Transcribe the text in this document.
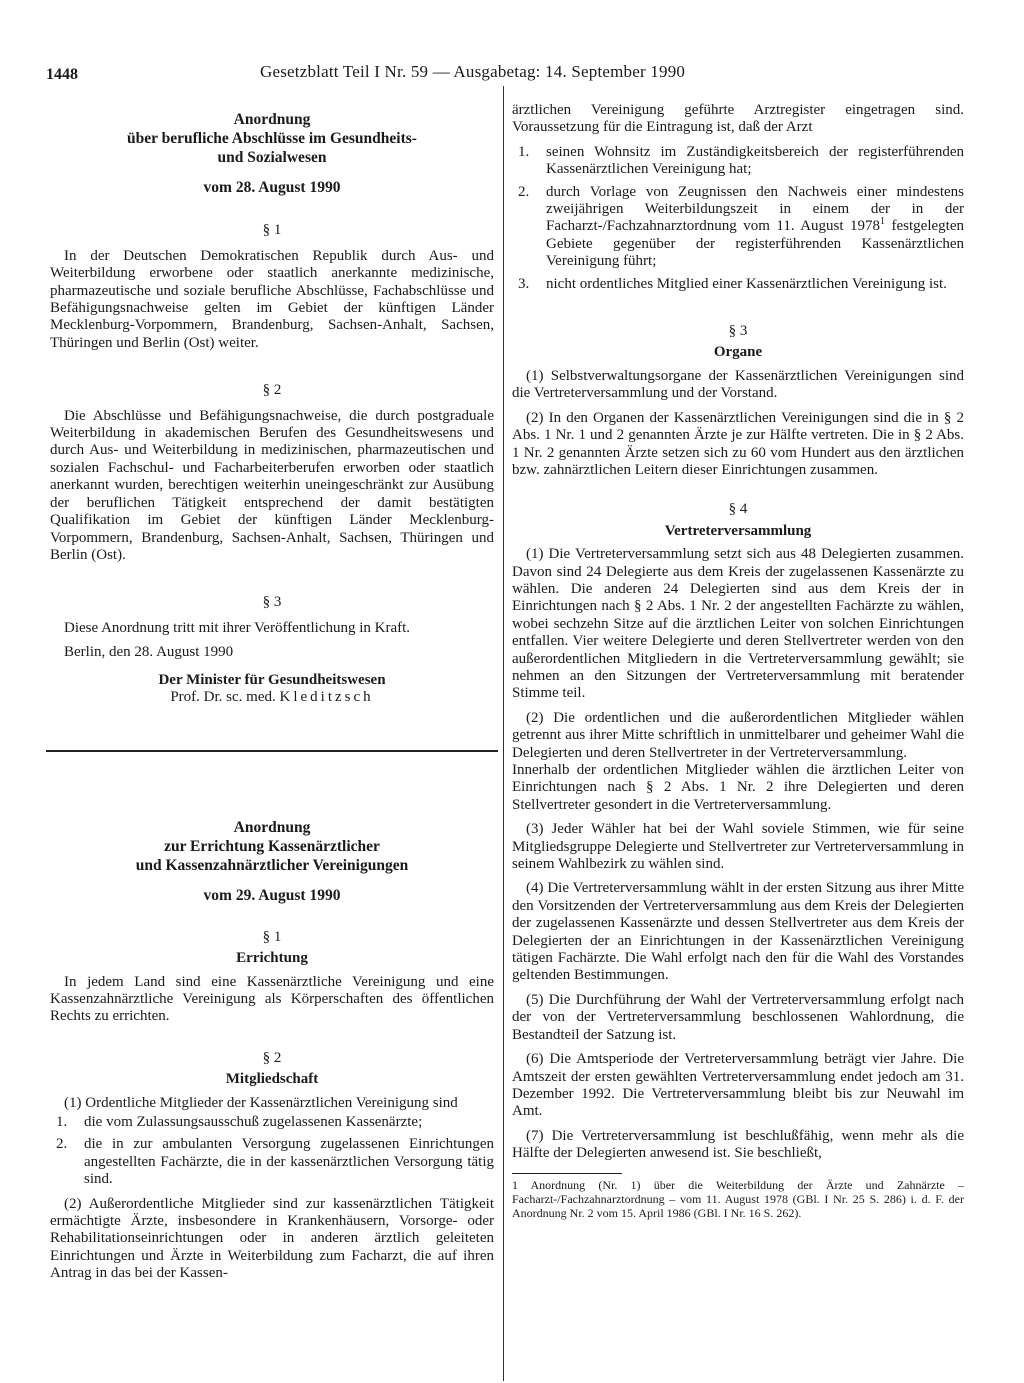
1448	Gesetzblatt Teil I Nr. 59 — Ausgabetag: 14. September 1990
Anordnung
über berufliche Abschlüsse im Gesundheits-
und Sozialwesen
vom 28. August 1990
§ 1

In der Deutschen Demokratischen Republik durch Aus- und Weiterbildung erworbene oder staatlich anerkannte medizinische, pharmazeutische und soziale berufliche Abschlüsse, Fachabschlüsse und Befähigungsnachweise gelten im Gebiet der künftigen Länder Mecklenburg-Vorpommern, Brandenburg, Sachsen-Anhalt, Sachsen, Thüringen und Berlin (Ost) weiter.

§ 2

Die Abschlüsse und Befähigungsnachweise, die durch postgraduale Weiterbildung in akademischen Berufen des Gesundheitswesens und durch Aus- und Weiterbildung in medizinischen, pharmazeutischen und sozialen Fachschul- und Facharbeiterberufen erworben oder staatlich anerkannt wurden, berechtigen weiterhin uneingeschränkt zur Ausübung der beruflichen Tätigkeit entsprechend der damit bestätigten Qualifikation im Gebiet der künftigen Länder Mecklenburg-Vorpommern, Brandenburg, Sachsen-Anhalt, Sachsen, Thüringen und Berlin (Ost).

§ 3

Diese Anordnung tritt mit ihrer Veröffentlichung in Kraft.

Berlin, den 28. August 1990
Der Minister für Gesundheitswesen
Prof. Dr. sc. med. Kleditzsch
Anordnung
zur Errichtung Kassenärztlicher
und Kassenzahnärztlicher Vereinigungen
vom 29. August 1990
§ 1
Errichtung

In jedem Land sind eine Kassenärztliche Vereinigung und eine Kassenzahnärztliche Vereinigung als Körperschaften des öffentlichen Rechts zu errichten.

§ 2
Mitgliedschaft

(1) Ordentliche Mitglieder der Kassenärztlichen Vereinigung sind

1.	die vom Zulassungsausschuß zugelassenen Kassenärzte;
2.	die in zur ambulanten Versorgung zugelassenen Einrichtungen angestellten Fachärzte, die in der kassenärztlichen Versorgung tätig sind.

(2) Außerordentliche Mitglieder sind zur kassenärztlichen Tätigkeit ermächtigte Ärzte, insbesondere in Krankenhäusern, Vorsorge- oder Rehabilitationseinrichtungen oder in anderen ärztlich geleiteten Einrichtungen und Ärzte in Weiterbildung zum Facharzt, die auf ihren Antrag in das bei der Kassen-

ärztlichen Vereinigung geführte Arztregister eingetragen sind. Voraussetzung für die Eintragung ist, daß der Arzt

1.	seinen Wohnsitz im Zuständigkeitsbereich der registerführenden Kassenärztlichen Vereinigung hat;
2.	durch Vorlage von Zeugnissen den Nachweis einer mindestens zweijährigen Weiterbildungszeit in einem der in der Facharzt-/Fachzahnarztordnung vom 11. August 1978$^1$ festgelegten Gebiete gegenüber der registerführenden Kassenärztlichen Vereinigung führt;
3.	nicht ordentliches Mitglied einer Kassenärztlichen Vereinigung ist.
§ 3
Organe

(1) Selbstverwaltungsorgane der Kassenärztlichen Vereinigungen sind die Vertreterversammlung und der Vorstand.

(2) In den Organen der Kassenärztlichen Vereinigungen sind die in § 2 Abs. 1 Nr. 1 und 2 genannten Ärzte je zur Hälfte vertreten. Die in § 2 Abs. 1 Nr. 2 genannten Ärzte setzen sich zu 60 vom Hundert aus den ärztlichen bzw. zahnärztlichen Leitern dieser Einrichtungen zusammen.

§ 4
Vertreterversammlung

(1) Die Vertreterversammlung setzt sich aus 48 Delegierten zusammen. Davon sind 24 Delegierte aus dem Kreis der zugelassenen Kassenärzte zu wählen. Die anderen 24 Delegierten sind aus dem Kreis der in Einrichtungen nach § 2 Abs. 1 Nr. 2 der angestellten Fachärzte zu wählen, wobei sechzehn Sitze auf die ärztlichen Leiter von solchen Einrichtungen entfallen. Vier weitere Delegierte und deren Stellvertreter werden von den außerordentlichen Mitgliedern in die Vertreterversammlung gewählt; sie nehmen an den Sitzungen der Vertreterversammlung mit beratender Stimme teil.

(2) Die ordentlichen und die außerordentlichen Mitglieder wählen getrennt aus ihrer Mitte schriftlich in unmittelbarer und geheimer Wahl die Delegierten und deren Stellvertreter in der Vertreterversammlung.

Innerhalb der ordentlichen Mitglieder wählen die ärztlichen Leiter von Einrichtungen nach § 2 Abs. 1 Nr. 2 ihre Delegierten und deren Stellvertreter gesondert in die Vertreterversammlung.

(3) Jeder Wähler hat bei der Wahl soviele Stimmen, wie für seine Mitgliedsgruppe Delegierte und Stellvertreter zur Vertreterversammlung in seinem Wahlbezirk zu wählen sind.

(4) Die Vertreterversammlung wählt in der ersten Sitzung aus ihrer Mitte den Vorsitzenden der Vertreterversammlung aus dem Kreis der Delegierten der zugelassenen Kassenärzte und dessen Stellvertreter aus dem Kreis der Delegierten der an Einrichtungen in der Kassenärztlichen Vereinigung tätigen Fachärzte. Die Wahl erfolgt nach den für die Wahl des Vorstandes geltenden Bestimmungen.

(5) Die Durchführung der Wahl der Vertreterversammlung erfolgt nach der von der Vertreterversammlung beschlossenen Wahlordnung, die Bestandteil der Satzung ist.

(6) Die Amtsperiode der Vertreterversammlung beträgt vier Jahre. Die Amtszeit der ersten gewählten Vertreterversammlung endet jedoch am 31. Dezember 1992. Die Vertreterversammlung bleibt bis zur Neuwahl im Amt.

(7) Die Vertreterversammlung ist beschlußfähig, wenn mehr als die Hälfte der Delegierten anwesend ist. Sie beschließt,

1 Anordnung (Nr. 1) über die Weiterbildung der Ärzte und Zahnärzte – Facharzt-/Fachzahnarztordnung – vom 11. August 1978 (GBl. I Nr. 25 S. 286) i. d. F. der Anordnung Nr. 2 vom 15. April 1986 (GBl. I Nr. 16 S. 262).
